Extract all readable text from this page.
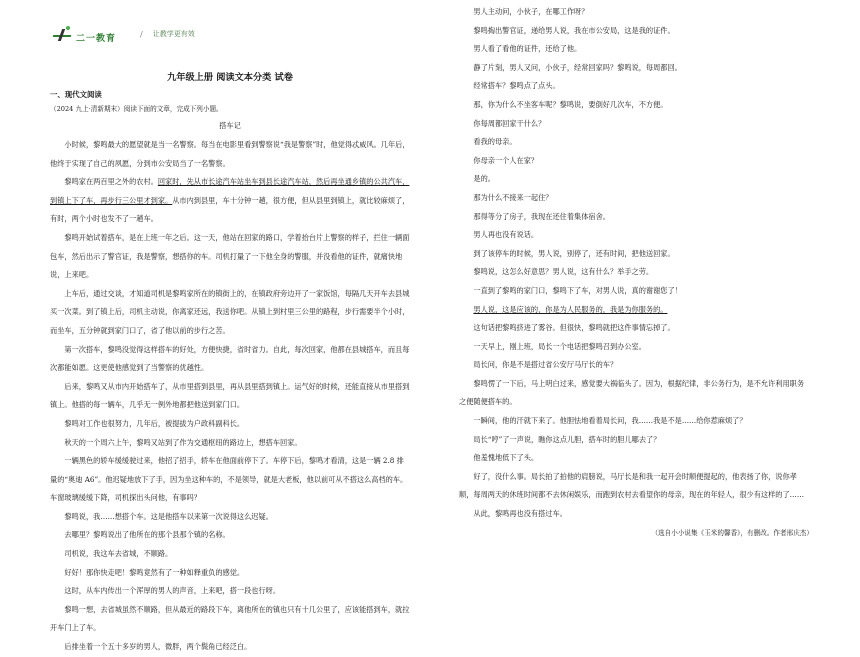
二一教育	/ 让教学更有效
九年级上册 阅读文本分类 试卷
一、现代文阅读
（2024 九上·清新期末）阅读下面的文章，完成下列小题。
搭车记

小时候，黎鸣最大的愿望就是当一名警察。每当在电影里看到警察说“我是警察”时，他觉得忒威风。几年后，他终于实现了自己的夙愿，分到市公安局当了一名警察。

黎鸣家在两百里之外的农村。回家时，先从市长途汽车站坐车到县长途汽车站，然后再坐通乡镇的公共汽车，到镇上下了车，再步行三公里才到家。从市内到县里，车十分钟一趟，很方便，但从县里到镇上，就比较麻烦了，有时，两个小时也发不了一趟车。

黎鸣开始试着搭车，是在上班一年之后。这一天，他站在回家的路口，学着抬台片上警察的样子，拦住一辆面包车，然后出示了警官证，我是警察，想搭你的车。司机打量了一下他全身的警服，并没看他的证件，就痛快地说，上来吧。

上车后，通过交谈，才知道司机是黎鸣家所在的镇街上的，在镇政府旁边开了一家饭馆，每隔几天开车去县城买一次菜。到了镇上后，司机主动说，你离家还远，我送你吧。从镇上到村里三公里的路程，步行需要半个小时，而坐车，五分钟就到家门口了，省了他以前的步行之苦。

第一次搭车，黎鸣没觉得这样搭车的好处，方便快捷，省时省力。自此，每次回家，他都在县城搭车，而且每次都能如愿。这更使他感觉到了当警察的优越性。

后来，黎鸣又从市内开始搭车了，从市里搭到县里，再从县里搭到镇上。运气好的时候，还能直接从市里搭到镇上。他搭的每一辆车，几乎无一例外地都把他送到家门口。

黎鸣对工作也很努力，几年后，被提拔为户政科副科长。

秋天的一个周六上午，黎鸣又站到了作为交通枢纽的路边上，想搭车回家。

一辆黑色的轿车缓缓驶过来，他招了招手，轿车在他面前停下了。车停下后，黎鸣才看清，这是一辆 2.8 排量的“奥迪 A6”。他迟疑地放下了手，因为坐这种车的，不是领导，就是大老板，他以前可从不搭这么高档的车。车窗玻璃缓缓下降，司机探出头问他，有事吗？

黎鸣说，我……想搭个车。这是他搭车以来第一次说得这么迟疑。

去哪里？黎鸣说出了他所在的那个县那个镇的名称。

司机说，我这车去省城，不顺路。

好好！那你快走吧！黎鸣竟然有了一种如释重负的感觉。

这时，从车内传出一个浑厚的男人的声音，上来吧，搭一段也行呀。

黎鸣一想，去省城虽然不顺路，但从最近的路段下车，离他所在的镇也只有十几公里了，应该能搭到车，就拉开车门上了车。

后排坐着一个五十多岁的男人，微胖，两个鬓角已经泛白。

男人主动问，小伙子，在哪工作呀？

黎鸣掏出警官证，递给男人说，我在市公安局，这是我的证件。

男人看了看他的证件，还给了他。

静了片刻，男人又问，小伙子，经常回家吗？黎鸣说，每周都回。

经常搭车？黎鸣点了点头。

那，你为什么不坐客车呢？黎鸣说，要倒好几次车，不方便。

你每周都回家干什么？

看我的母亲。

你母亲一个人在家？

是的。

那为什么不接来一起住？

那得等分了房子，我现在还住着集体宿舍。

男人再也没有说话。

到了该停车的时候，男人说，别停了，还有时间，把他送回家。

黎鸣说，这怎么好意思？男人说，这有什么？举手之劳。

一直到了黎鸣的家门口，黎鸣下了车，对男人说，真的谢谢您了！

男人说，这是应该的，你是为人民服务的，我是为你服务的。

这句话把黎鸣挤进了雾谷。但很快，黎鸣就把这件事情忘掉了。

一天早上，刚上班，局长一个电话把黎鸣召到办公室。

局长问，你是不是搭过省公安厅马厅长的车？

黎鸣愣了一下后，马上明白过来，感觉要大祸临头了。因为，根据纪律，非公务行为，是不允许利用职务之便随便搭车的。

一瞬间，他的汗就下来了。他胆怯地看着局长问，我……我是不是……给你惹麻烦了？

局长“哼”了一声说，瞧你这点儿胆，搭车时的胆儿哪去了？

他羞愧地低下了头。

好了，没什么事。局长拍了拍他的肩膀说，马厅长是和我一起开会时顺便提起的，他表扬了你，说你孝顺，每周两天的休班时间都不去休闲娱乐，而跑到农村去看望你的母亲，现在的年轻人，很少有这样的了……

从此，黎鸣再也没有搭过车。

（选自小小说集《玉米的馨香》，有删改。作者邢庆杰）
